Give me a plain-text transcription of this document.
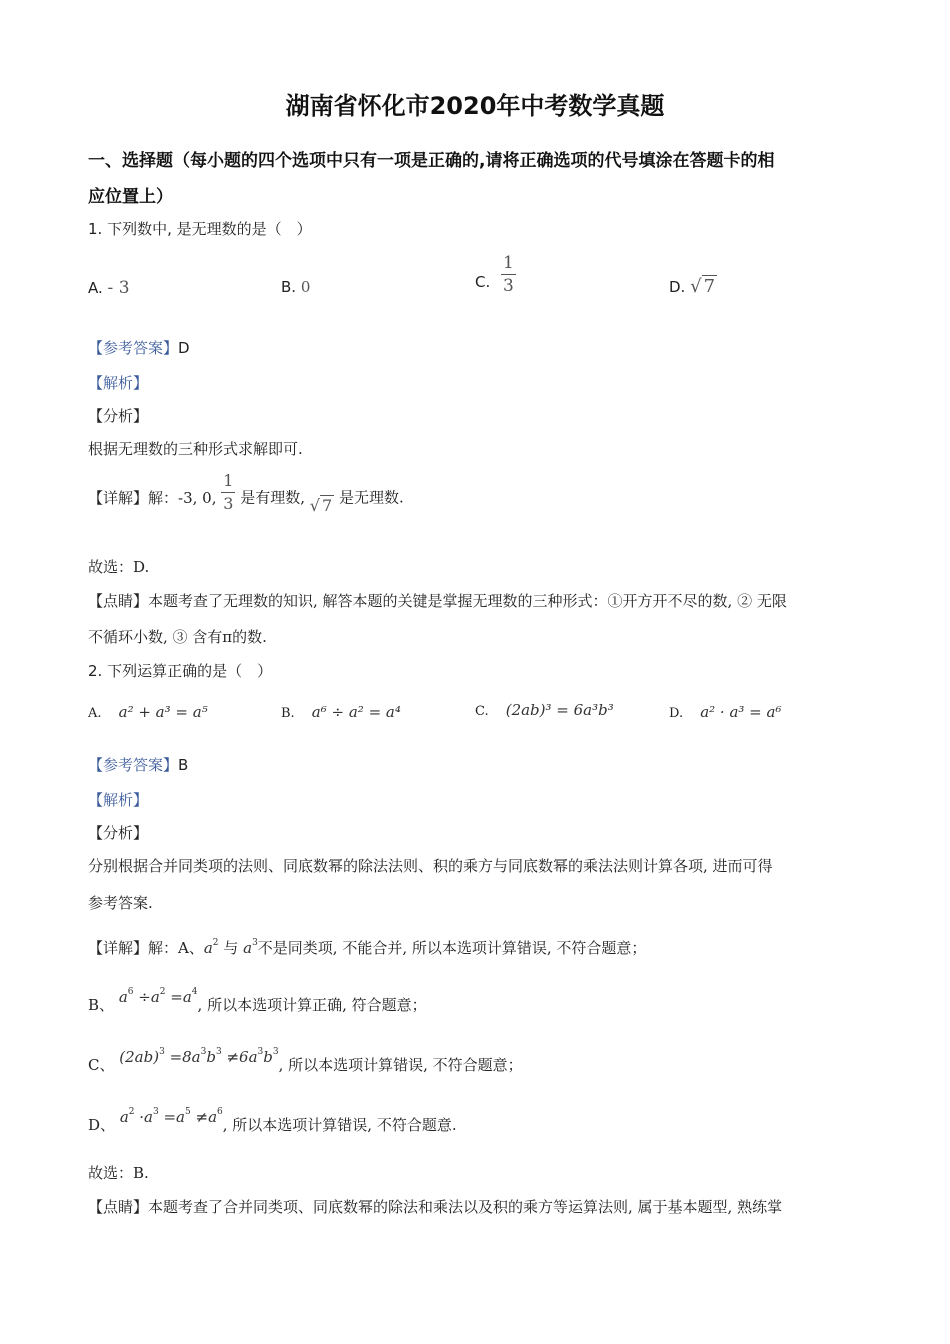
湖南省怀化市2020年中考数学真题
一、选择题（每小题的四个选项中只有一项是正确的,请将正确选项的代号填涂在答题卡的相
应位置上）
1. 下列数中, 是无理数的是（　）
A. - 3	B. 0	C. $\frac{1}{3}$	D. √ 7
【参考答案】D
【解析】
【分析】
根据无理数的三种形式求解即可.
【详解】解：-3, 0, $\frac{1}{3}$ 是有理数, √ 7 是无理数.
故选：D.
【点睛】本题考查了无理数的知识, 解答本题的关键是掌握无理数的三种形式：①开方开不尽的数, ② 无限
不循环小数, ③ 含有π的数.
2. 下列运算正确的是（　）
A. a² + a³ = a⁵	B. a⁶ ÷ a² = a⁴	C. (2ab)³ = 6a³b³	D. a² · a³ = a⁶
【参考答案】B
【解析】
【分析】
分别根据合并同类项的法则、同底数幂的除法法则、积的乘方与同底数幂的乘法法则计算各项, 进而可得
参考答案.
【详解】解：A、$a^2$ 与 $a^3$不是同类项, 不能合并, 所以本选项计算错误, 不符合题意；
B、 $a^6 \div a^2 =a^4$, 所以本选项计算正确, 符合题意；
C、 $(2ab)^3 =8a^3b^3 \ne 6a^3b^3$, 所以本选项计算错误, 不符合题意；
D、 $a^2 \cdot a^3 =a^5 \ne a^6$, 所以本选项计算错误, 不符合题意.
故选：B.
【点睛】本题考查了合并同类项、同底数幂的除法和乘法以及积的乘方等运算法则, 属于基本题型, 熟练掌
